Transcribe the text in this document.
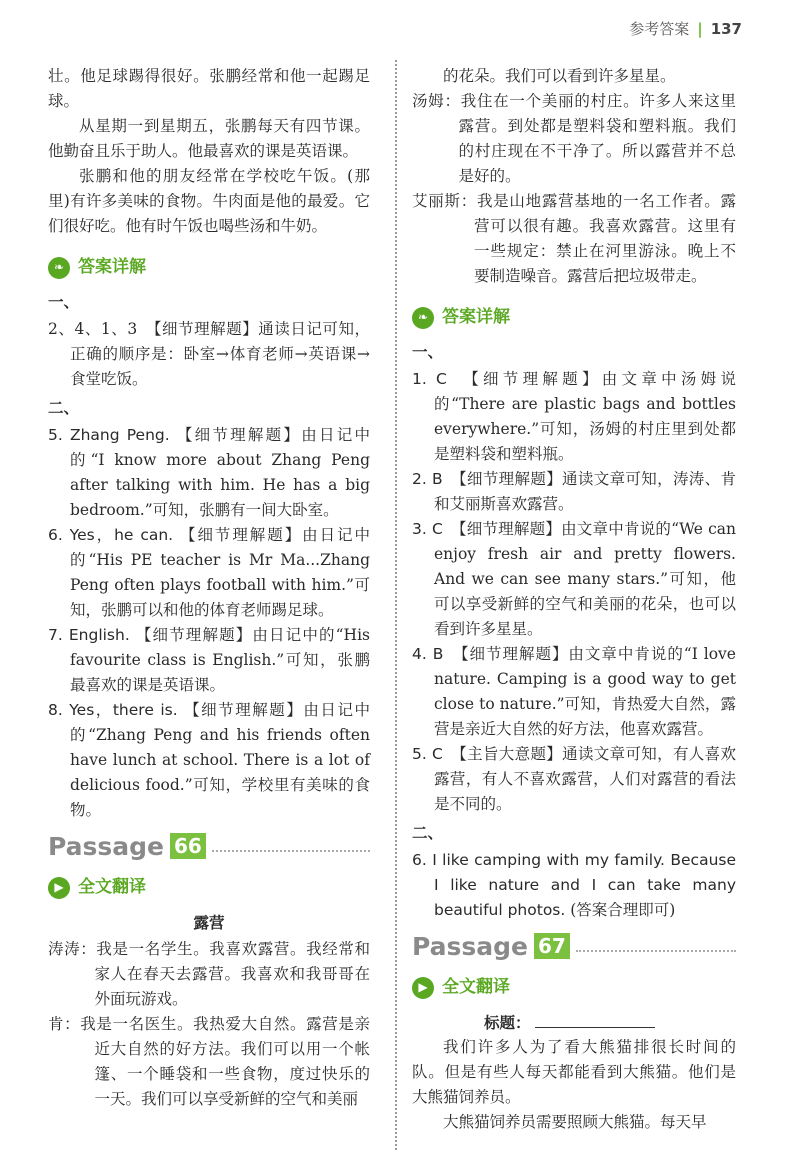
参考答案 | 137

壮。他足球踢得很好。张鹏经常和他一起踢足球。

从星期一到星期五，张鹏每天有四节课。他勤奋且乐于助人。他最喜欢的课是英语课。

张鹏和他的朋友经常在学校吃午饭。(那里)有许多美味的食物。牛肉面是他的最爱。它们很好吃。他有时午饭也喝些汤和牛奶。

❧ 答案详解
一、

2、4、1、3　【细节理解题】通读日记可知，正确的顺序是：卧室→体育老师→英语课→食堂吃饭。

二、

5. Zhang Peng. 【细节理解题】由日记中的“I know more about Zhang Peng after talking with him. He has a big bedroom.”可知，张鹏有一间大卧室。

6. Yes，he can. 【细节理解题】由日记中的“His PE teacher is Mr Ma...Zhang Peng often plays football with him.”可知，张鹏可以和他的体育老师踢足球。

7. English. 【细节理解题】由日记中的“His favourite class is English.”可知，张鹏最喜欢的课是英语课。

8. Yes，there is. 【细节理解题】由日记中的“Zhang Peng and his friends often have lunch at school. There is a lot of delicious food.”可知，学校里有美味的食物。

Passage 66
▶ 全文翻译

露营

涛涛：我是一名学生。我喜欢露营。我经常和家人在春天去露营。我喜欢和我哥哥在外面玩游戏。

肯：我是一名医生。我热爱大自然。露营是亲近大自然的好方法。我们可以用一个帐篷、一个睡袋和一些食物，度过快乐的一天。我们可以享受新鲜的空气和美丽

的花朵。我们可以看到许多星星。

汤姆：我住在一个美丽的村庄。许多人来这里露营。到处都是塑料袋和塑料瓶。我们的村庄现在不干净了。所以露营并不总是好的。

艾丽斯：我是山地露营基地的一名工作者。露营可以很有趣。我喜欢露营。这里有一些规定：禁止在河里游泳。晚上不要制造噪音。露营后把垃圾带走。

❧ 答案详解
一、

1. C　 【细节理解题】由文章中汤姆说的“There are plastic bags and bottles everywhere.”可知，汤姆的村庄里到处都是塑料袋和塑料瓶。

2. B　 【细节理解题】通读文章可知，涛涛、肯和艾丽斯喜欢露营。

3. C　 【细节理解题】由文章中肯说的“We can enjoy fresh air and pretty flowers. And we can see many stars.”可知，他可以享受新鲜的空气和美丽的花朵，也可以看到许多星星。

4. B　 【细节理解题】由文章中肯说的“I love nature. Camping is a good way to get close to nature.”可知，肯热爱大自然，露营是亲近大自然的好方法，他喜欢露营。

5. C　 【主旨大意题】通读文章可知，有人喜欢露营，有人不喜欢露营，人们对露营的看法是不同的。

二、

6. I like camping with my family. Because I like nature and I can take many beautiful photos. (答案合理即可)

Passage 67
▶ 全文翻译
标题：

我们许多人为了看大熊猫排很长时间的队。但是有些人每天都能看到大熊猫。他们是大熊猫饲养员。

大熊猫饲养员需要照顾大熊猫。每天早
